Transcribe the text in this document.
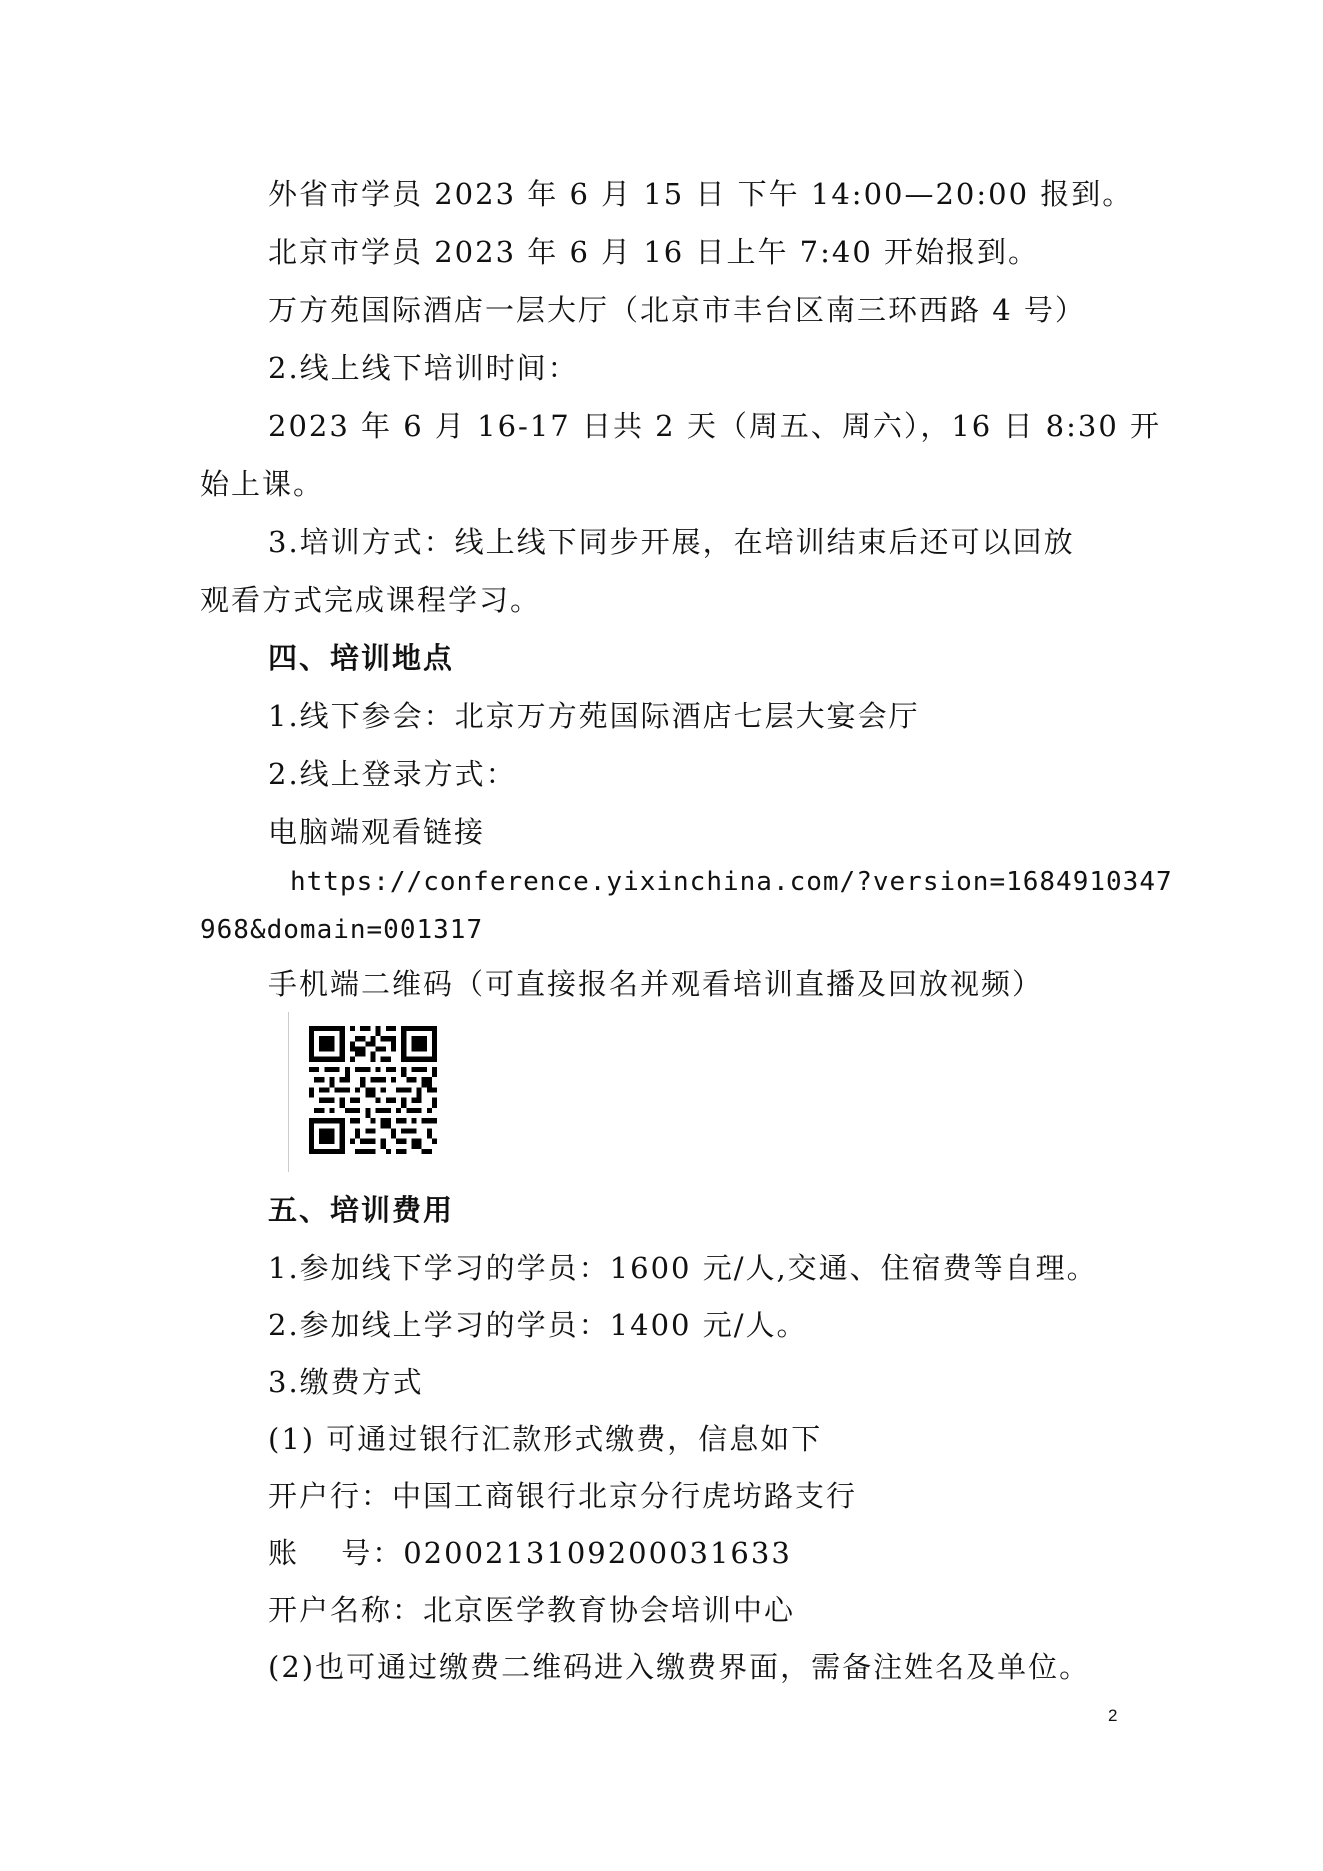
外省市学员 2023 年 6 月 15 日 下午 14:00—20:00 报到。
北京市学员 2023 年 6 月 16 日上午 7:40 开始报到。
万方苑国际酒店一层大厅（北京市丰台区南三环西路 4 号）
2.线上线下培训时间：
2023 年 6 月 16-17 日共 2 天（周五、周六），16 日 8:30 开
始上课。
3.培训方式：线上线下同步开展，在培训结束后还可以回放
观看方式完成课程学习。
四、培训地点
1.线下参会：北京万方苑国际酒店七层大宴会厅
2.线上登录方式：
电脑端观看链接
https://conference.yixinchina.com/?version=1684910347
968&domain=001317
手机端二维码（可直接报名并观看培训直播及回放视频）
五、培训费用
1.参加线下学习的学员：1600 元/人,交通、住宿费等自理。
2.参加线上学习的学员：1400 元/人。
3.缴费方式
(1) 可通过银行汇款形式缴费，信息如下
开户行：中国工商银行北京分行虎坊路支行
账　 号：0200213109200031633
开户名称：北京医学教育协会培训中心
(2)也可通过缴费二维码进入缴费界面，需备注姓名及单位。
2
